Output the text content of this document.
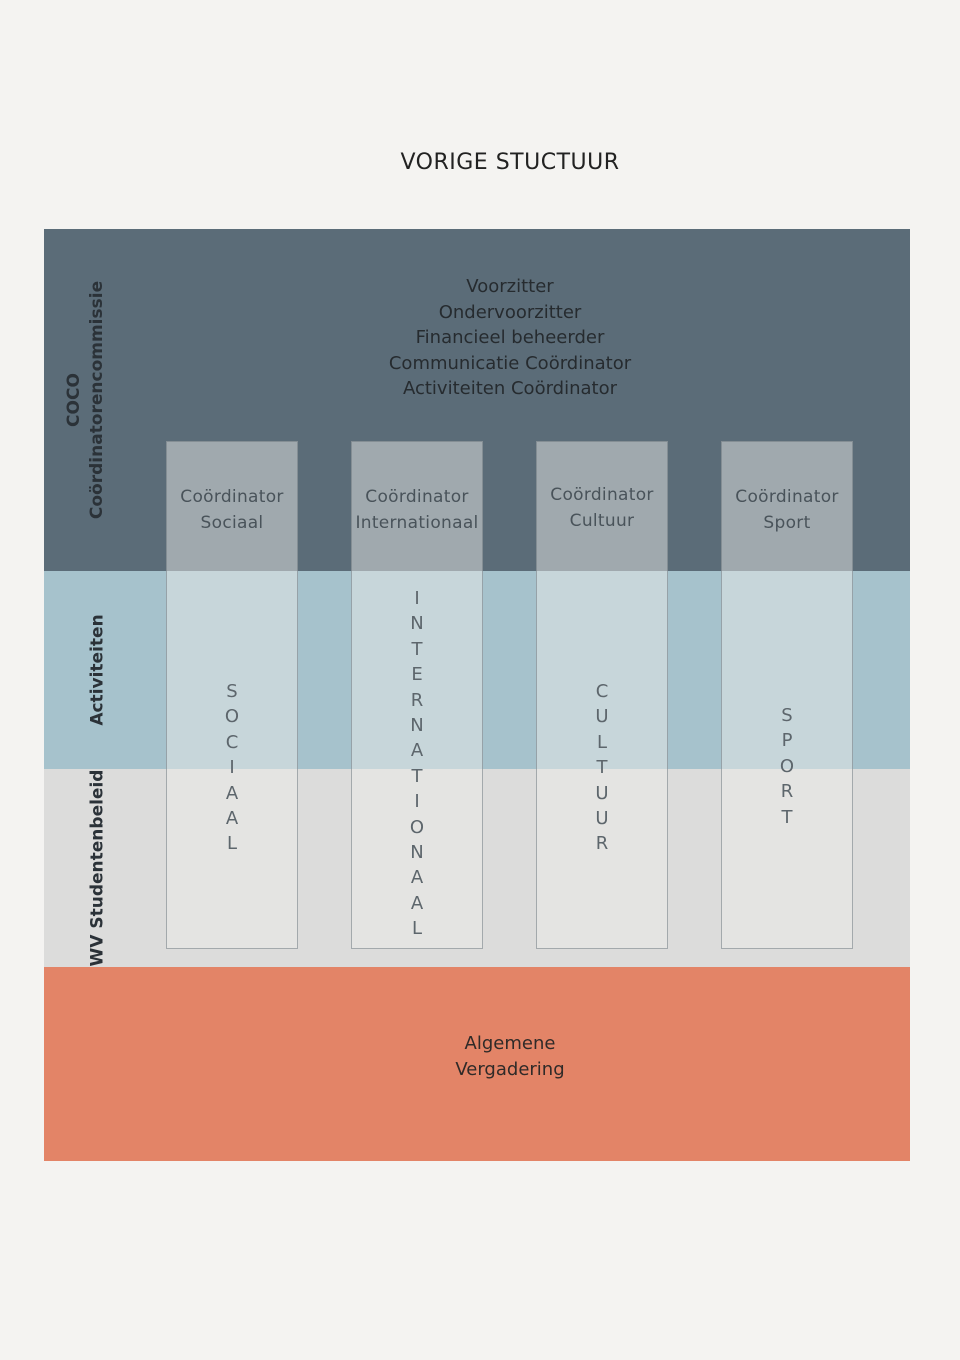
VORIGE STUCTUUR
COCO Coördinatorencommissie
Activiteiten
WV Studentenbeleid
Voorzitter
Ondervoorzitter
Financieel beheerder
Communicatie Coördinator
Activiteiten Coördinator
Coördinator
Sociaal
S
O
C
I
A
A
L
Coördinator
Internationaal
I
N
T
E
R
N
A
T
I
O
N
A
A
L
Coördinator
Cultuur
C
U
L
T
U
U
R
Coördinator
Sport
S
P
O
R
T
Algemene
Vergadering
